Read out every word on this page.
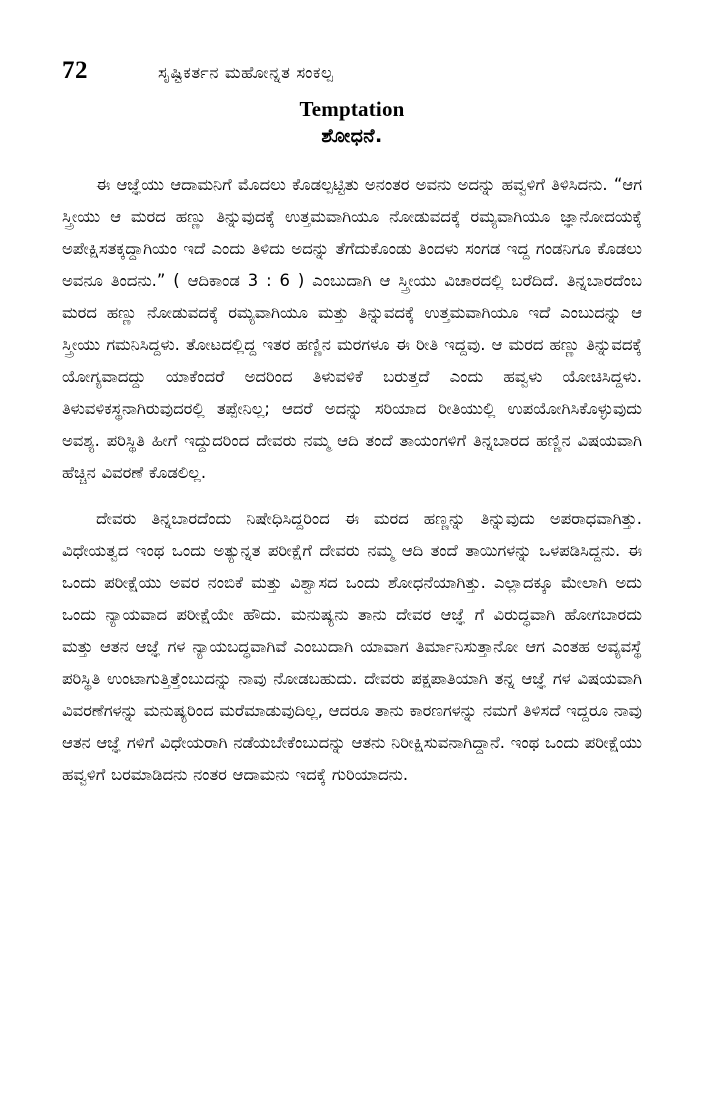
72	ಸೃಷ್ಟಿಕರ್ತನ ಮಹೋನ್ನತ ಸಂಕಲ್ಪ
Temptation
ಶೋಧನೆ.

ಈ ಆಜ್ಞೆಯು ಆದಾಮನಿಗೆ ಮೊದಲು ಕೊಡಲ್ಪಟ್ಟಿತು ಅನಂತರ ಅವನು ಅದನ್ನು ಹವ್ವಳಿಗೆ ತಿಳಿಸಿದನು. “ಆಗ ಸ್ತ್ರೀಯು ಆ ಮರದ ಹಣ್ಣು ತಿನ್ನುವುದಕ್ಕೆ ಉತ್ತಮವಾಗಿಯೂ ನೋಡುವದಕ್ಕೆ ರಮ್ಯವಾಗಿಯೂ ಜ್ಞಾನೋದಯಕ್ಕೆ ಅಪೇಕ್ಷಿಸತಕ್ಕದ್ದಾಗಿಯಂ ಇದೆ ಎಂದು ತಿಳಿದು ಅದನ್ನು ತೆಗೆದುಕೊಂಡು ತಿಂದಳು ಸಂಗಡ ಇದ್ದ ಗಂಡನಿಗೂ ಕೊಡಲು ಅವನೂ ತಿಂದನು.” ( ಆದಿಕಾಂಡ 3 : 6 ) ಎಂಬುದಾಗಿ ಆ ಸ್ತ್ರೀಯು ವಿಚಾರದಲ್ಲಿ ಬರೆದಿದೆ. ತಿನ್ನಬಾರದೆಂಬ ಮರದ ಹಣ್ಣು ನೋಡುವದಕ್ಕೆ ರಮ್ಯವಾಗಿಯೂ ಮತ್ತು ತಿನ್ನುವದಕ್ಕೆ ಉತ್ತಮವಾಗಿಯೂ ಇದೆ ಎಂಬುದನ್ನು ಆ ಸ್ತ್ರೀಯು ಗಮನಿಸಿದ್ದಳು. ತೋಟದಲ್ಲಿದ್ದ ಇತರ ಹಣ್ಣಿನ ಮರಗಳೂ ಈ ರೀತಿ ಇದ್ದವು. ಆ ಮರದ ಹಣ್ಣು ತಿನ್ನುವದಕ್ಕೆ ಯೋಗ್ಯವಾದದ್ದು ಯಾಕೆಂದರೆ ಅದರಿಂದ ತಿಳುವಳಿಕೆ ಬರುತ್ತದೆ ಎಂದು ಹವ್ವಳು ಯೋಚಿಸಿದ್ದಳು. ತಿಳುವಳಿಕಸ್ಥನಾಗಿರುವುದರಲ್ಲಿ ತಪ್ಪೇನಿಲ್ಲ; ಆದರೆ ಅದನ್ನು ಸರಿಯಾದ ರೀತಿಯುಲ್ಲಿ ಉಪಯೋಗಿಸಿಕೊಳ್ಳುವುದು ಅವಶ್ಯ. ಪರಿಸ್ಥಿತಿ ಹೀಗೆ ಇದ್ದುದರಿಂದ ದೇವರು ನಮ್ಮ ಆದಿ ತಂದೆ ತಾಯಂಗಳಿಗೆ ತಿನ್ನಬಾರದ ಹಣ್ಣಿನ ವಿಷಯವಾಗಿ ಹೆಚ್ಚಿನ ವಿವರಣೆ ಕೊಡಲಿಲ್ಲ.

ದೇವರು ತಿನ್ನಬಾರದೆಂದು ನಿಷೇಧಿಸಿದ್ದರಿಂದ ಈ ಮರದ ಹಣ್ಣನ್ನು ತಿನ್ನುವುದು ಅಪರಾಧವಾಗಿತ್ತು. ವಿಧೇಯತ್ವದ ಇಂಥ ಒಂದು ಅತ್ಯುನ್ನತ ಪರೀಕ್ಷೆಗೆ ದೇವರು ನಮ್ಮ ಆದಿ ತಂದೆ ತಾಯಿಗಳನ್ನು ಒಳಪಡಿಸಿದ್ದನು. ಈ ಒಂದು ಪರೀಕ್ಷೆಯು ಅವರ ನಂಬಿಕೆ ಮತ್ತು ವಿಶ್ವಾಸದ ಒಂದು ಶೋಧನೆಯಾಗಿತ್ತು. ಎಲ್ಲಾದಕ್ಕೂ ಮೇಲಾಗಿ ಅದು ಒಂದು ನ್ಯಾಯವಾದ ಪರೀಕ್ಷೆಯೇ ಹೌದು. ಮನುಷ್ಯನು ತಾನು ದೇವರ ಆಜ್ಞೆ ಗೆ ವಿರುದ್ಧವಾಗಿ ಹೋಗಬಾರದು ಮತ್ತು ಆತನ ಆಜ್ಞೆ ಗಳ ನ್ಯಾಯಬದ್ಧವಾಗಿವೆ ಎಂಬುದಾಗಿ ಯಾವಾಗ ತಿರ್ಮಾನಿಸುತ್ತಾನೋ ಆಗ ಎಂತಹ ಅವ್ಯವಸ್ಥೆ ಪರಿಸ್ಥಿತಿ ಉಂಟಾಗುತ್ತಿತ್ತೆಂಬುದನ್ನು ನಾವು ನೋಡಬಹುದು. ದೇವರು ಪಕ್ಷಪಾತಿಯಾಗಿ ತನ್ನ ಆಜ್ಞೆ ಗಳ ವಿಷಯವಾಗಿ ವಿವರಣೆಗಳನ್ನು ಮನುಷ್ಯರಿಂದ ಮರೆಮಾಡುವುದಿಲ್ಲ, ಆದರೂ ತಾನು ಕಾರಣಗಳನ್ನು ನಮಗೆ ತಿಳಿಸದೆ ಇದ್ದರೂ ನಾವು ಆತನ ಆಜ್ಞೆ ಗಳಿಗೆ ವಿಧೇಯರಾಗಿ ನಡೆಯಬೇಕೆಂಬುದನ್ನು ಆತನು ನಿರೀಕ್ಷಿಸುವನಾಗಿದ್ದಾನೆ. ಇಂಥ ಒಂದು ಪರೀಕ್ಷೆಯು ಹವ್ವಳಿಗೆ ಬರಮಾಡಿದನು ನಂತರ ಆದಾಮನು ಇದಕ್ಕೆ ಗುರಿಯಾದನು.
